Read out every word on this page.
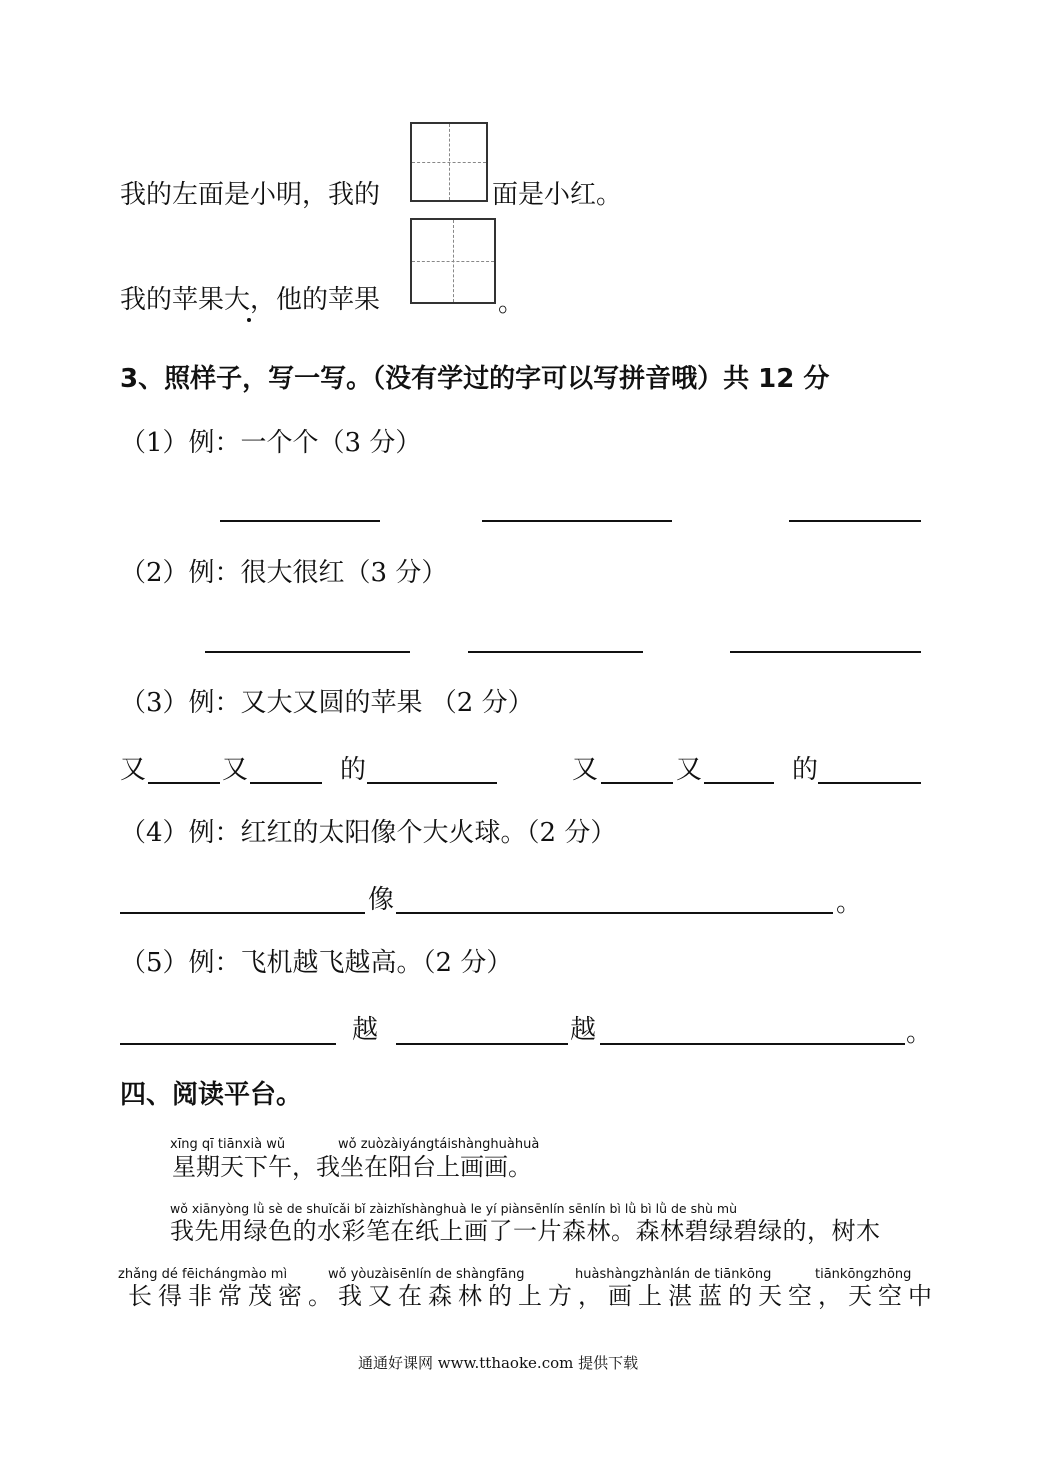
我的左面是小明，我的	面是小红。
我的苹果大，他的苹果	。
3、照样子，写一写。（没有学过的字可以写拼音哦）共 12 分
（1）例：一个个（3 分）
（2）例：很大很红（3 分）
（3）例：又大又圆的苹果 （2 分）
又	又	的	又	又	的
（4）例：红红的太阳像个大火球。（2 分）
像	。
（5）例：飞机越飞越高。（2 分）
越	越	。
四、阅读平台。
xīng qī tiānxià wǔ	wǒ zuòzàiyángtáishànghuàhuà
星期天下午，我坐在阳台上画画。
wǒ xiānyòng lǜ sè de shuǐcǎi bǐ zàizhǐshànghuà le yí piànsēnlín sēnlín bì lǜ bì lǜ de shù mù
我先用绿色的水彩笔在纸上画了一片森林。森林碧绿碧绿的，树木
zhǎng dé fēichángmào mì	wǒ yòuzàisēnlín de shàngfāng	huàshàngzhànlán de tiānkōng	tiānkōngzhōng
长得非常茂密。我又在森林的上方，画上湛蓝的天空，天空中
通通好课网 www.tthaoke.com 提供下载
